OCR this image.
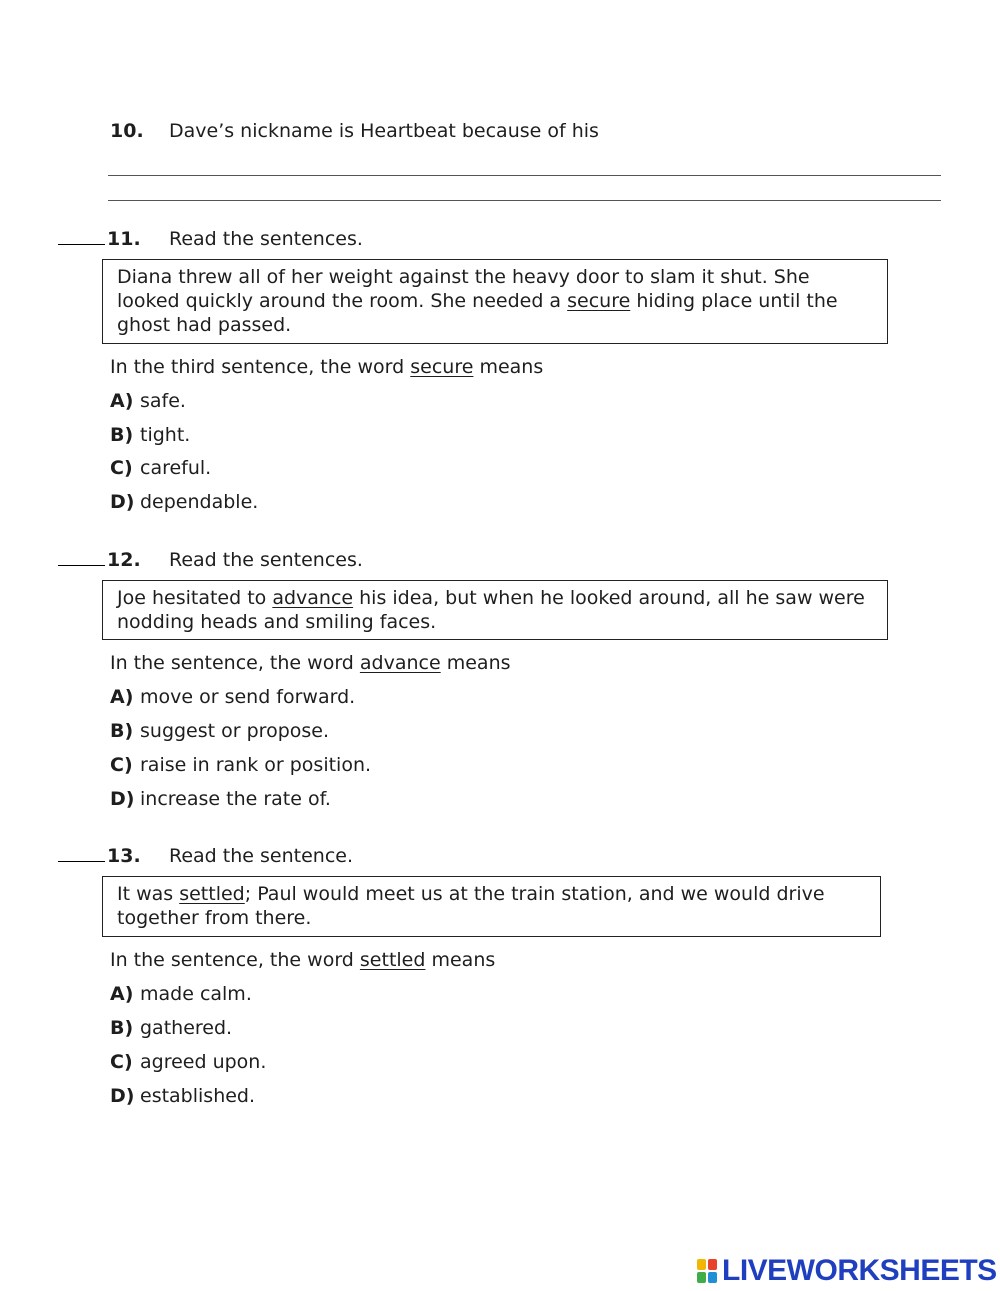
10. Dave’s nickname is Heartbeat because of his
11. Read the sentences.
Diana threw all of her weight against the heavy door to slam it shut. She looked quickly around the room. She needed a secure hiding place until the ghost had passed.
In the third sentence, the word secure means
A) safe.
B) tight.
C) careful.
D) dependable.
12. Read the sentences.
Joe hesitated to advance his idea, but when he looked around, all he saw were nodding heads and smiling faces.
In the sentence, the word advance means
A) move or send forward.
B) suggest or propose.
C) raise in rank or position.
D) increase the rate of.
13. Read the sentence.
It was settled; Paul would meet us at the train station, and we would drive together from there.
In the sentence, the word settled means
A) made calm.
B) gathered.
C) agreed upon.
D) established.
LIVEWORKSHEETS
